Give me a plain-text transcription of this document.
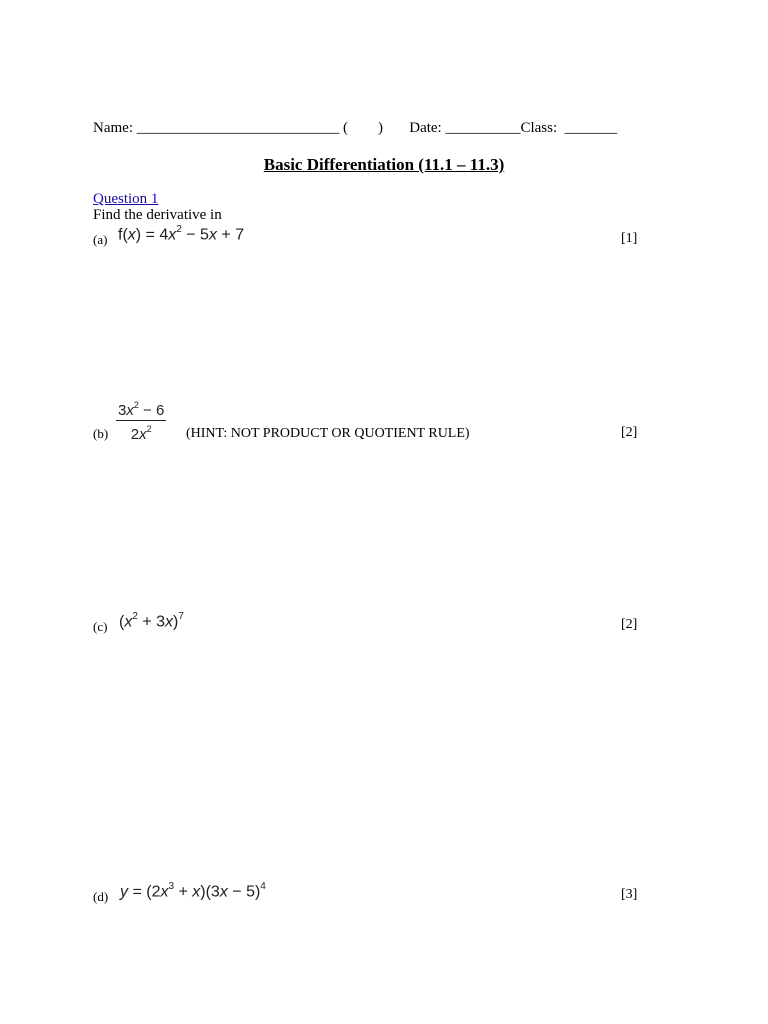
Name: ___________________________ (        )       Date: __________Class:  _______
Basic Differentiation (11.1 – 11.3)
Question 1
Find the derivative in
(a) $f(x) = 4x^2 - 5x + 7$	[1]
$(b) \frac{3x^2 - 6}{2x^2}$ (HINT: NOT PRODUCT OR QUOTIENT RULE)	[2]
(c) $(x^2 + 3x)^7$
[2]
(d) $y = (2x^3 + x)(3x - 5)^4$
[3]
